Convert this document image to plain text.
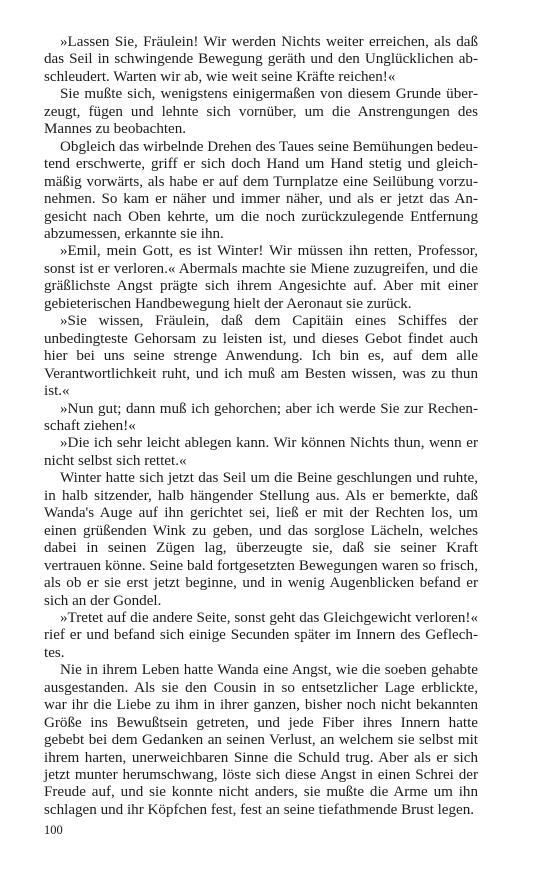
»Lassen Sie, Fräulein! Wir werden Nichts weiter erreichen, als daß das Seil in schwingende Bewegung geräth und den Unglücklichen abschleudert. Warten wir ab, wie weit seine Kräfte reichen!«

Sie mußte sich, wenigstens einigermaßen von diesem Grunde überzeugt, fügen und lehnte sich vornüber, um die Anstrengungen des Mannes zu beobachten.

Obgleich das wirbelnde Drehen des Taues seine Bemühungen bedeutend erschwerte, griff er sich doch Hand um Hand stetig und gleichmäßig vorwärts, als habe er auf dem Turnplatze eine Seilübung vorzunehmen. So kam er näher und immer näher, und als er jetzt das Angesicht nach Oben kehrte, um die noch zurückzulegende Entfernung abzumessen, erkannte sie ihn.

»Emil, mein Gott, es ist Winter! Wir müssen ihn retten, Professor, sonst ist er verloren.« Abermals machte sie Miene zuzugreifen, und die gräßlichste Angst prägte sich ihrem Angesichte auf. Aber mit einer gebieterischen Handbewegung hielt der Aeronaut sie zurück.

»Sie wissen, Fräulein, daß dem Capitäin eines Schiffes der unbedingteste Gehorsam zu leisten ist, und dieses Gebot findet auch hier bei uns seine strenge Anwendung. Ich bin es, auf dem alle Verantwortlichkeit ruht, und ich muß am Besten wissen, was zu thun ist.«

»Nun gut; dann muß ich gehorchen; aber ich werde Sie zur Rechenschaft ziehen!«

»Die ich sehr leicht ablegen kann. Wir können Nichts thun, wenn er nicht selbst sich rettet.«

Winter hatte sich jetzt das Seil um die Beine geschlungen und ruhte, in halb sitzender, halb hängender Stellung aus. Als er bemerkte, daß Wanda's Auge auf ihn gerichtet sei, ließ er mit der Rechten los, um einen grüßenden Wink zu geben, und das sorglose Lächeln, welches dabei in seinen Zügen lag, überzeugte sie, daß sie seiner Kraft vertrauen könne. Seine bald fortgesetzten Bewegungen waren so frisch, als ob er sie erst jetzt beginne, und in wenig Augenblicken befand er sich an der Gondel.

»Tretet auf die andere Seite, sonst geht das Gleichgewicht verloren!« rief er und befand sich einige Secunden später im Innern des Geflechtes.

Nie in ihrem Leben hatte Wanda eine Angst, wie die soeben gehabte ausgestanden. Als sie den Cousin in so entsetzlicher Lage erblickte, war ihr die Liebe zu ihm in ihrer ganzen, bisher noch nicht bekannten Größe ins Bewußtsein getreten, und jede Fiber ihres Innern hatte gebebt bei dem Gedanken an seinen Verlust, an welchem sie selbst mit ihrem harten, unerweichbaren Sinne die Schuld trug. Aber als er sich jetzt munter herumschwang, löste sich diese Angst in einen Schrei der Freude auf, und sie konnte nicht anders, sie mußte die Arme um ihn schlagen und ihr Köpfchen fest, fest an seine tiefathmende Brust legen.

100
